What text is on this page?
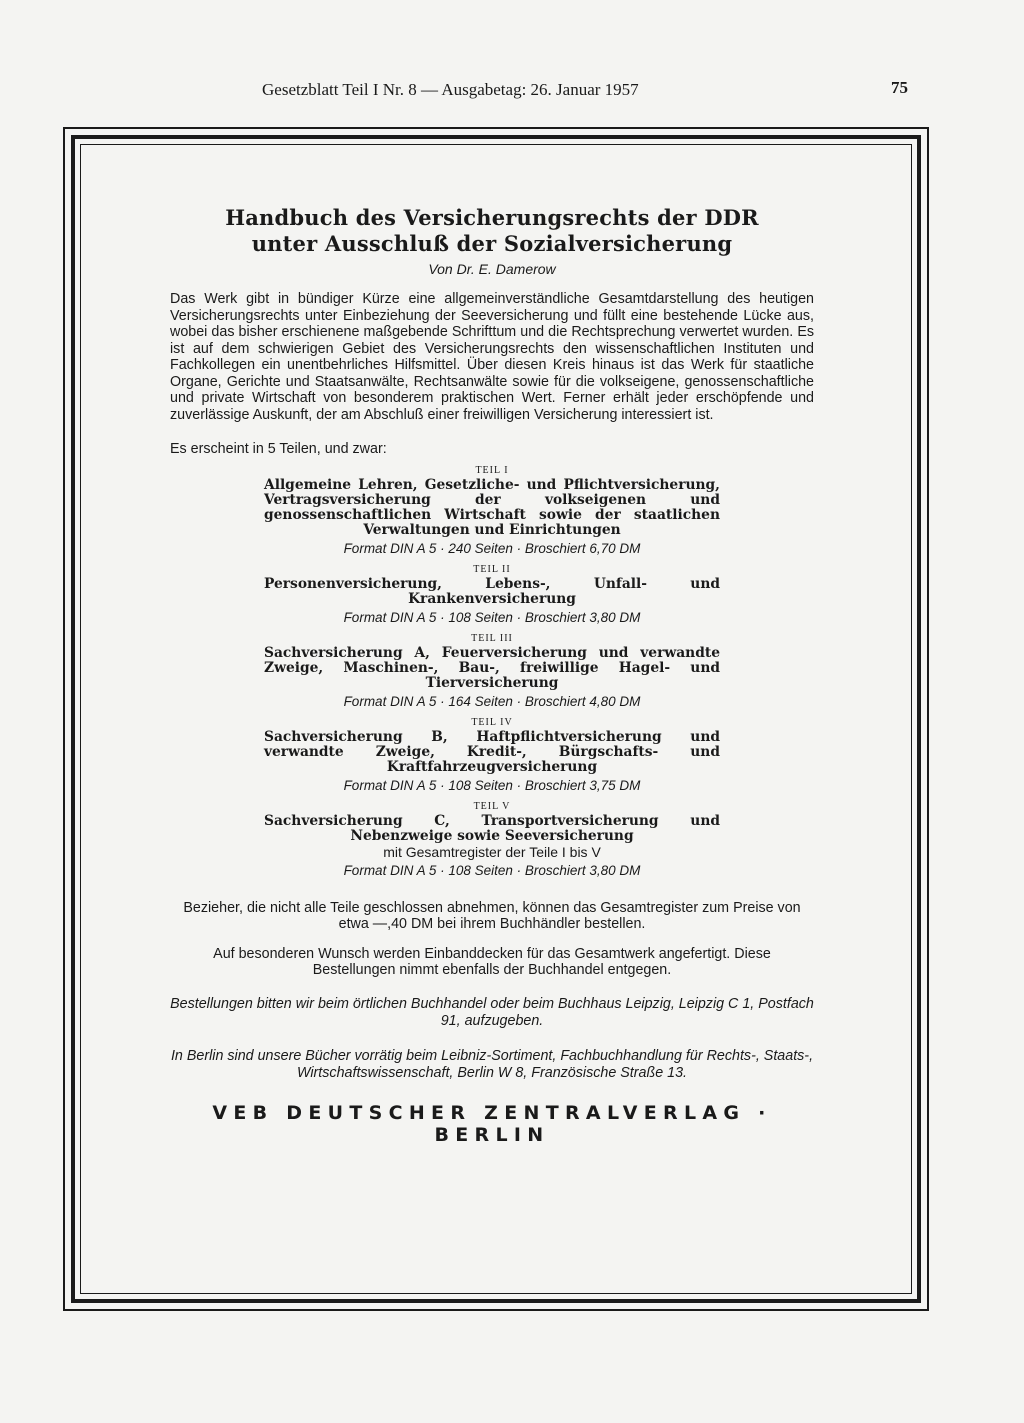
Gesetzblatt Teil I Nr. 8 — Ausgabetag: 26. Januar 1957	75
Handbuch des Versicherungsrechts der DDR
unter Ausschluß der Sozialversicherung
Von Dr. E. Damerow
Das Werk gibt in bündiger Kürze eine allgemeinverständliche Gesamtdarstellung des heutigen Versicherungsrechts unter Einbeziehung der Seeversicherung und füllt eine bestehende Lücke aus, wobei das bisher erschienene maßgebende Schrifttum und die Rechtsprechung verwertet wurden. Es ist auf dem schwierigen Gebiet des Versicherungsrechts den wissenschaftlichen Instituten und Fachkollegen ein unentbehrliches Hilfsmittel. Über diesen Kreis hinaus ist das Werk für staatliche Organe, Gerichte und Staatsanwälte, Rechtsanwälte sowie für die volkseigene, genossenschaftliche und private Wirtschaft von besonderem praktischen Wert. Ferner erhält jeder erschöpfende und zuverlässige Auskunft, der am Abschluß einer freiwilligen Versicherung interessiert ist.
Es erscheint in 5 Teilen, und zwar:
TEIL I
Allgemeine Lehren, Gesetzliche- und Pflichtversicherung, Vertragsversicherung der volkseigenen und genossenschaftlichen Wirtschaft sowie der staatlichen Verwaltungen und Einrichtungen
Format DIN A 5 · 240 Seiten · Broschiert 6,70 DM
TEIL II
Personenversicherung, Lebens-, Unfall- und Krankenversicherung
Format DIN A 5 · 108 Seiten · Broschiert 3,80 DM
TEIL III
Sachversicherung A, Feuerversicherung und verwandte Zweige, Maschinen-, Bau-, freiwillige Hagel- und Tierversicherung
Format DIN A 5 · 164 Seiten · Broschiert 4,80 DM
TEIL IV
Sachversicherung B, Haftpflichtversicherung und verwandte Zweige, Kredit-, Bürgschafts- und Kraftfahrzeugversicherung
Format DIN A 5 · 108 Seiten · Broschiert 3,75 DM
TEIL V
Sachversicherung C, Transportversicherung und Nebenzweige sowie Seeversicherung
mit Gesamtregister der Teile I bis V
Format DIN A 5 · 108 Seiten · Broschiert 3,80 DM
Bezieher, die nicht alle Teile geschlossen abnehmen, können das Gesamtregister zum Preise von etwa —,40 DM bei ihrem Buchhändler bestellen.
Auf besonderen Wunsch werden Einbanddecken für das Gesamtwerk angefertigt. Diese Bestellungen nimmt ebenfalls der Buchhandel entgegen.
Bestellungen bitten wir beim örtlichen Buchhandel oder beim Buchhaus Leipzig, Leipzig C 1, Postfach 91, aufzugeben.
In Berlin sind unsere Bücher vorrätig beim Leibniz-Sortiment, Fachbuchhandlung für Rechts-, Staats-, Wirtschaftswissenschaft, Berlin W 8, Französische Straße 13.
VEB DEUTSCHER ZENTRALVERLAG · BERLIN
